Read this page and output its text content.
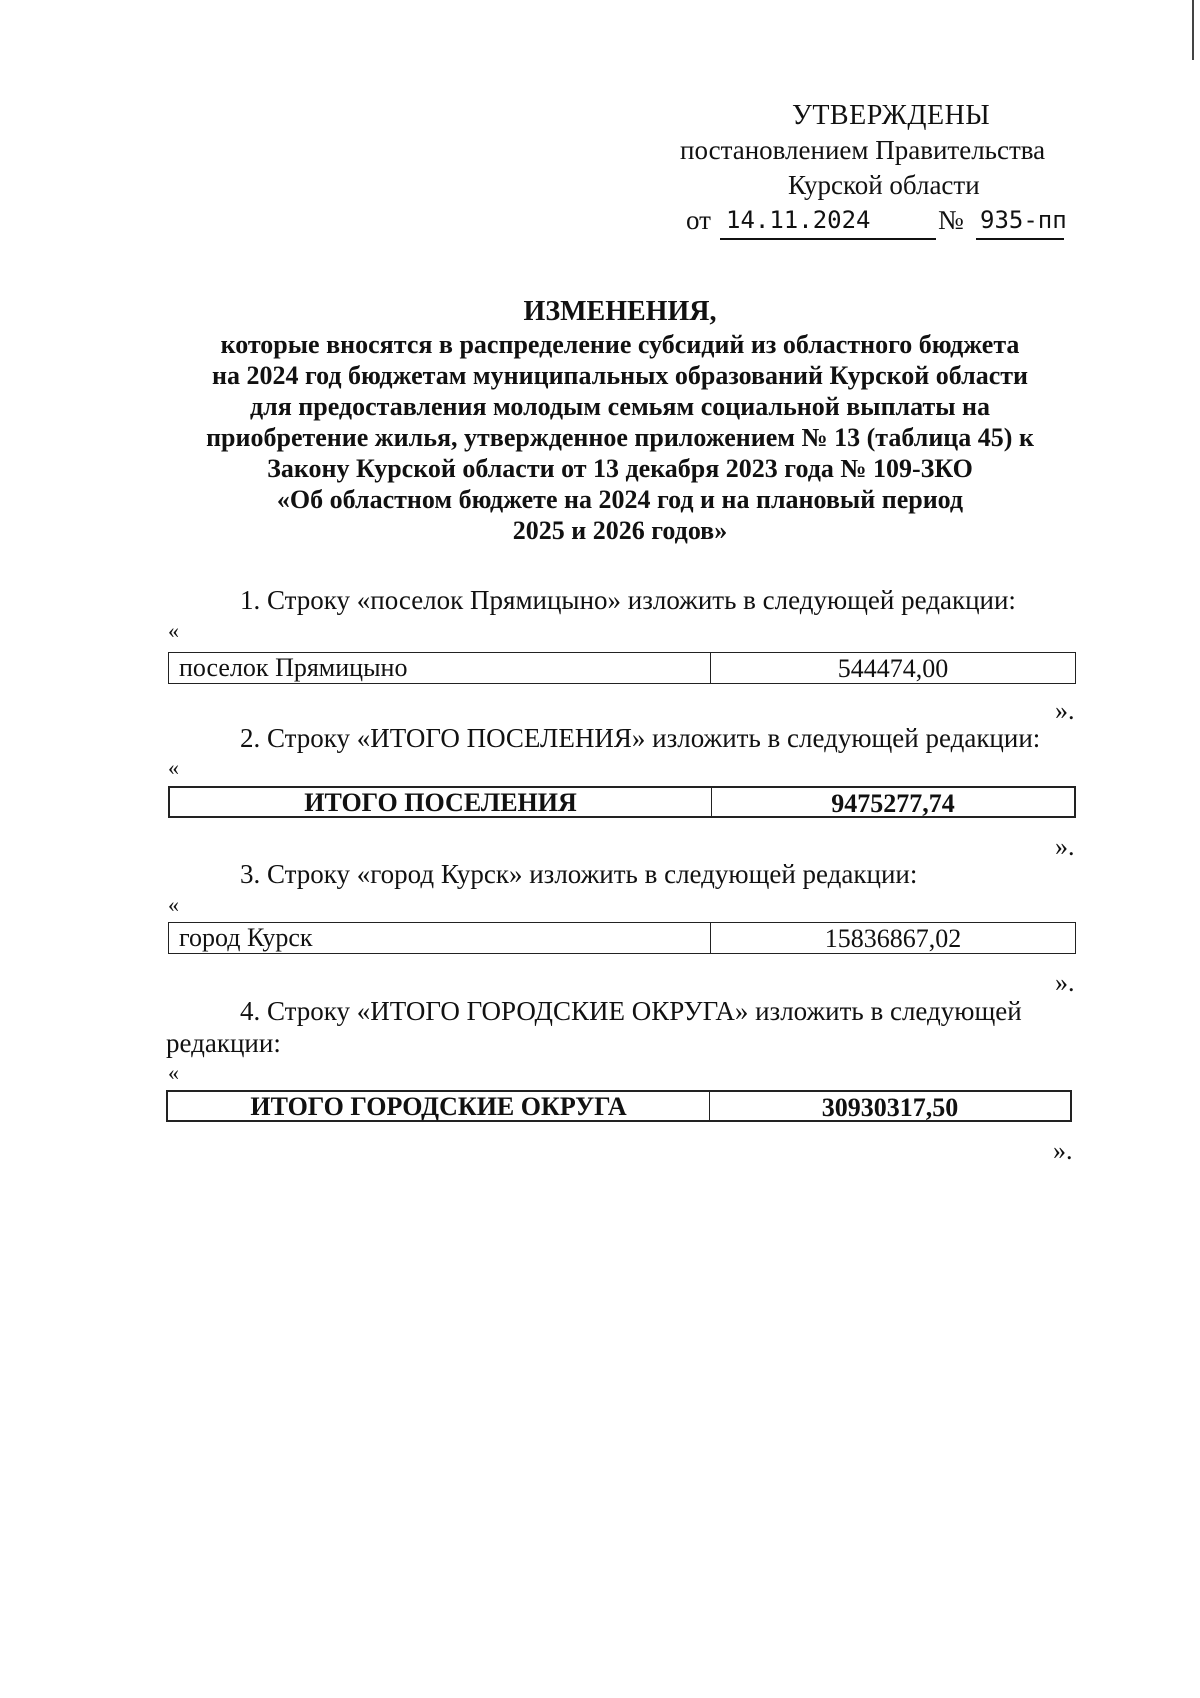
УТВЕРЖДЕНЫ
постановлением Правительства
Курской области
от 14.11.2024	№ 935-пп
ИЗМЕНЕНИЯ,
которые вносятся в распределение субсидий из областного бюджета
на 2024 год бюджетам муниципальных образований Курской области
для предоставления молодым семьям социальной выплаты на
приобретение жилья, утвержденное приложением № 13 (таблица 45) к
Закону Курской области от 13 декабря 2023 года № 109-ЗКО
«Об областном бюджете на 2024 год и на плановый период
2025 и 2026 годов»
1. Строку «поселок Прямицыно» изложить в следующей редакции:
«
поселок Прямицыно	544474,00
».
2. Строку «ИТОГО ПОСЕЛЕНИЯ» изложить в следующей редакции:
«
ИТОГО ПОСЕЛЕНИЯ	9475277,74
».
3. Строку «город Курск» изложить в следующей редакции:
«
город Курск	15836867,02
».
4. Строку «ИТОГО ГОРОДСКИЕ ОКРУГА» изложить в следующей редакции:
«
ИТОГО ГОРОДСКИЕ ОКРУГА	30930317,50
».
